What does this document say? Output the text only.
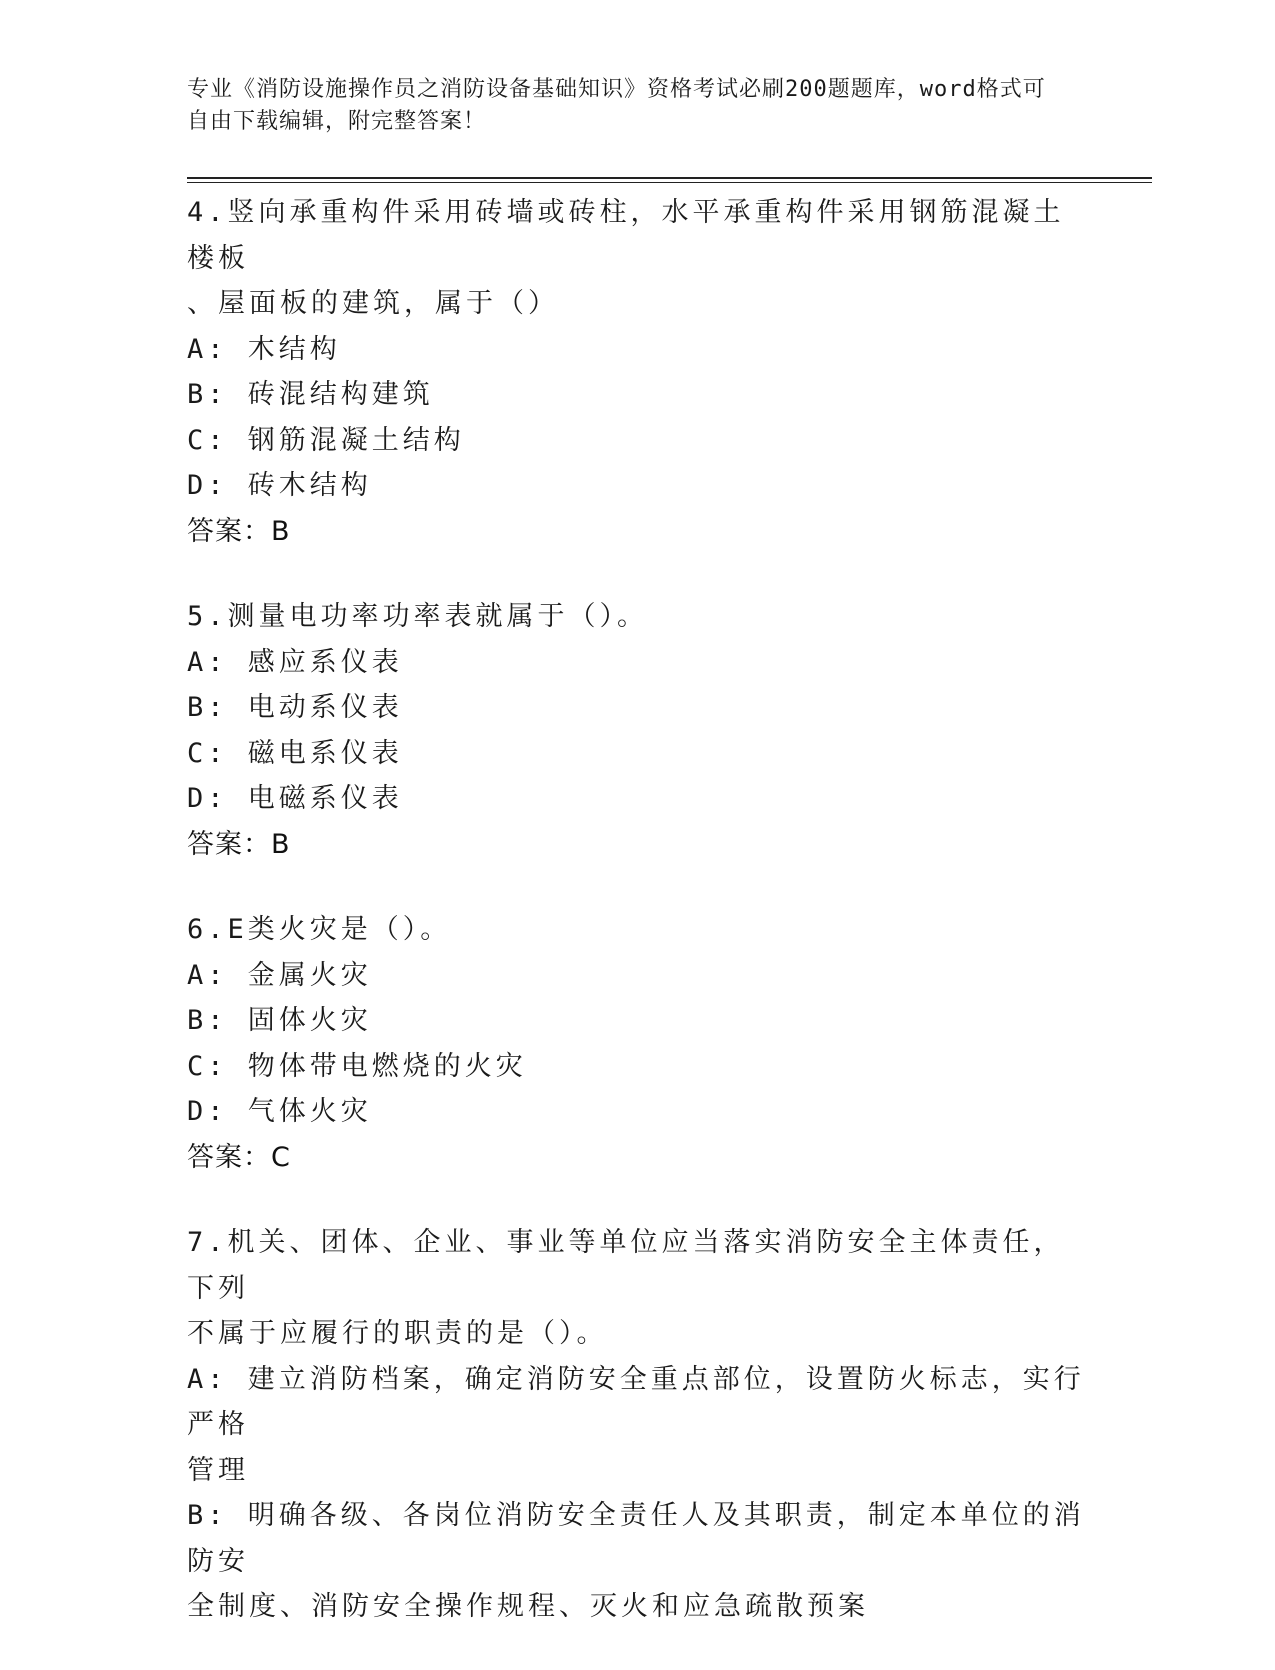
专业《消防设施操作员之消防设备基础知识》资格考试必刷200题题库，word格式可自由下载编辑，附完整答案！
4.竖向承重构件采用砖墙或砖柱，水平承重构件采用钢筋混凝土楼板
、屋面板的建筑，属于（）
A: 木结构
B: 砖混结构建筑
C: 钢筋混凝土结构
D: 砖木结构
答案：B
5.测量电功率功率表就属于（）。
A: 感应系仪表
B: 电动系仪表
C: 磁电系仪表
D: 电磁系仪表
答案：B
6.E类火灾是（）。
A: 金属火灾
B: 固体火灾
C: 物体带电燃烧的火灾
D: 气体火灾
答案：C
7.机关、团体、企业、事业等单位应当落实消防安全主体责任，下列
不属于应履行的职责的是（）。
A: 建立消防档案，确定消防安全重点部位，设置防火标志，实行严格
管理
B: 明确各级、各岗位消防安全责任人及其职责，制定本单位的消防安
全制度、消防安全操作规程、灭火和应急疏散预案
